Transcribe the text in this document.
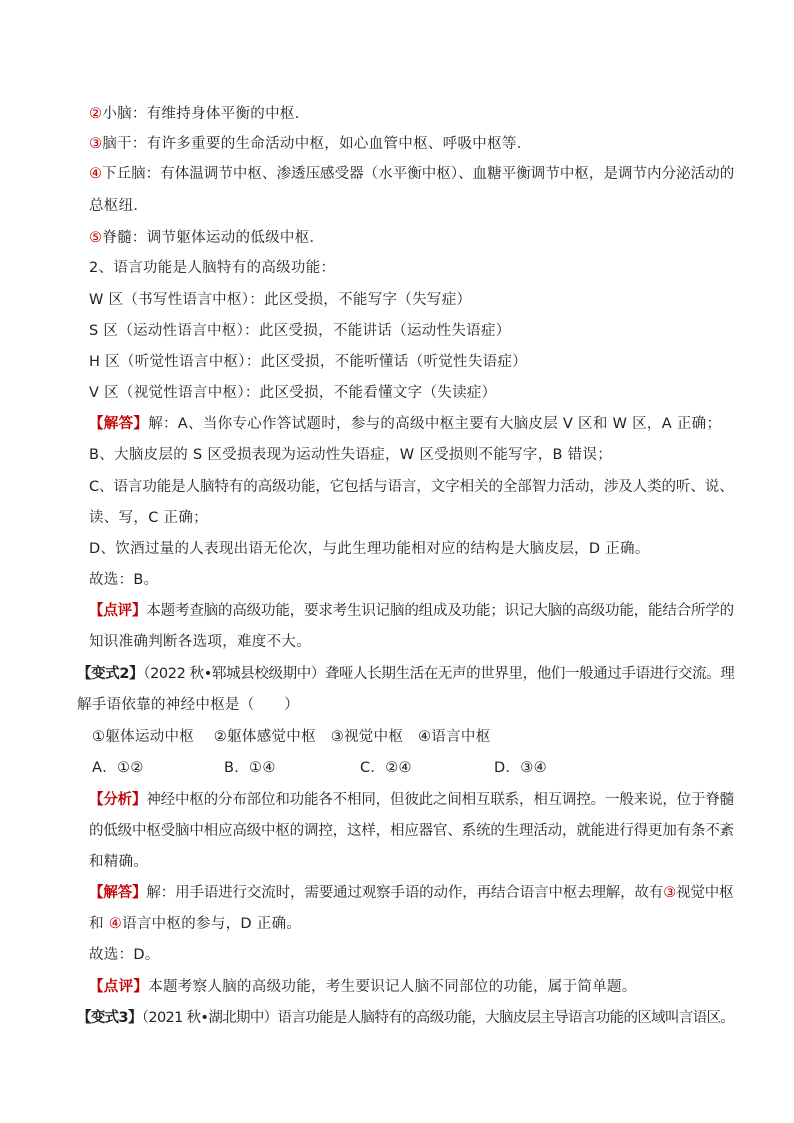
②小脑：有维持身体平衡的中枢．
③脑干：有许多重要的生命活动中枢，如心血管中枢、呼吸中枢等．
④下丘脑：有体温调节中枢、渗透压感受器（水平衡中枢）、血糖平衡调节中枢，是调节内分泌活动的
总枢纽．
⑤脊髓：调节躯体运动的低级中枢．
2、语言功能是人脑特有的高级功能：
W 区（书写性语言中枢）：此区受损，不能写字（失写症）
S 区（运动性语言中枢）：此区受损，不能讲话（运动性失语症）
H 区（听觉性语言中枢）：此区受损，不能听懂话（听觉性失语症）
V 区（视觉性语言中枢）：此区受损，不能看懂文字（失读症）
【解答】解：A、当你专心作答试题时，参与的高级中枢主要有大脑皮层 V 区和 W 区，A 正确；
B、大脑皮层的 S 区受损表现为运动性失语症，W 区受损则不能写字，B 错误；
C、语言功能是人脑特有的高级功能，它包括与语言，文字相关的全部智力活动，涉及人类的听、说、
读、写，C 正确；
D、饮酒过量的人表现出语无伦次，与此生理功能相对应的结构是大脑皮层，D 正确。
故选：B。
【点评】本题考查脑的高级功能，要求考生识记脑的组成及功能；识记大脑的高级功能，能结合所学的
知识准确判断各选项，难度不大。
【变式2】（2022 秋•郓城县校级期中）聋哑人长期生活在无声的世界里，他们一般通过手语进行交流。理
解手语依靠的神经中枢是（　　）
①躯体运动中枢　 ②躯体感觉中枢　③视觉中枢　④语言中枢
A．①②	B．①④	C．②④	D．③④
【分析】神经中枢的分布部位和功能各不相同，但彼此之间相互联系，相互调控。一般来说，位于脊髓
的低级中枢受脑中相应高级中枢的调控，这样，相应器官、系统的生理活动，就能进行得更加有条不紊
和精确。
【解答】解：用手语进行交流时，需要通过观察手语的动作，再结合语言中枢去理解，故有③视觉中枢
和 ④语言中枢的参与，D 正确。
故选：D。
【点评】本题考察人脑的高级功能，考生要识记人脑不同部位的功能，属于简单题。
【变式3】（2021 秋•湖北期中）语言功能是人脑特有的高级功能，大脑皮层主导语言功能的区域叫言语区。
